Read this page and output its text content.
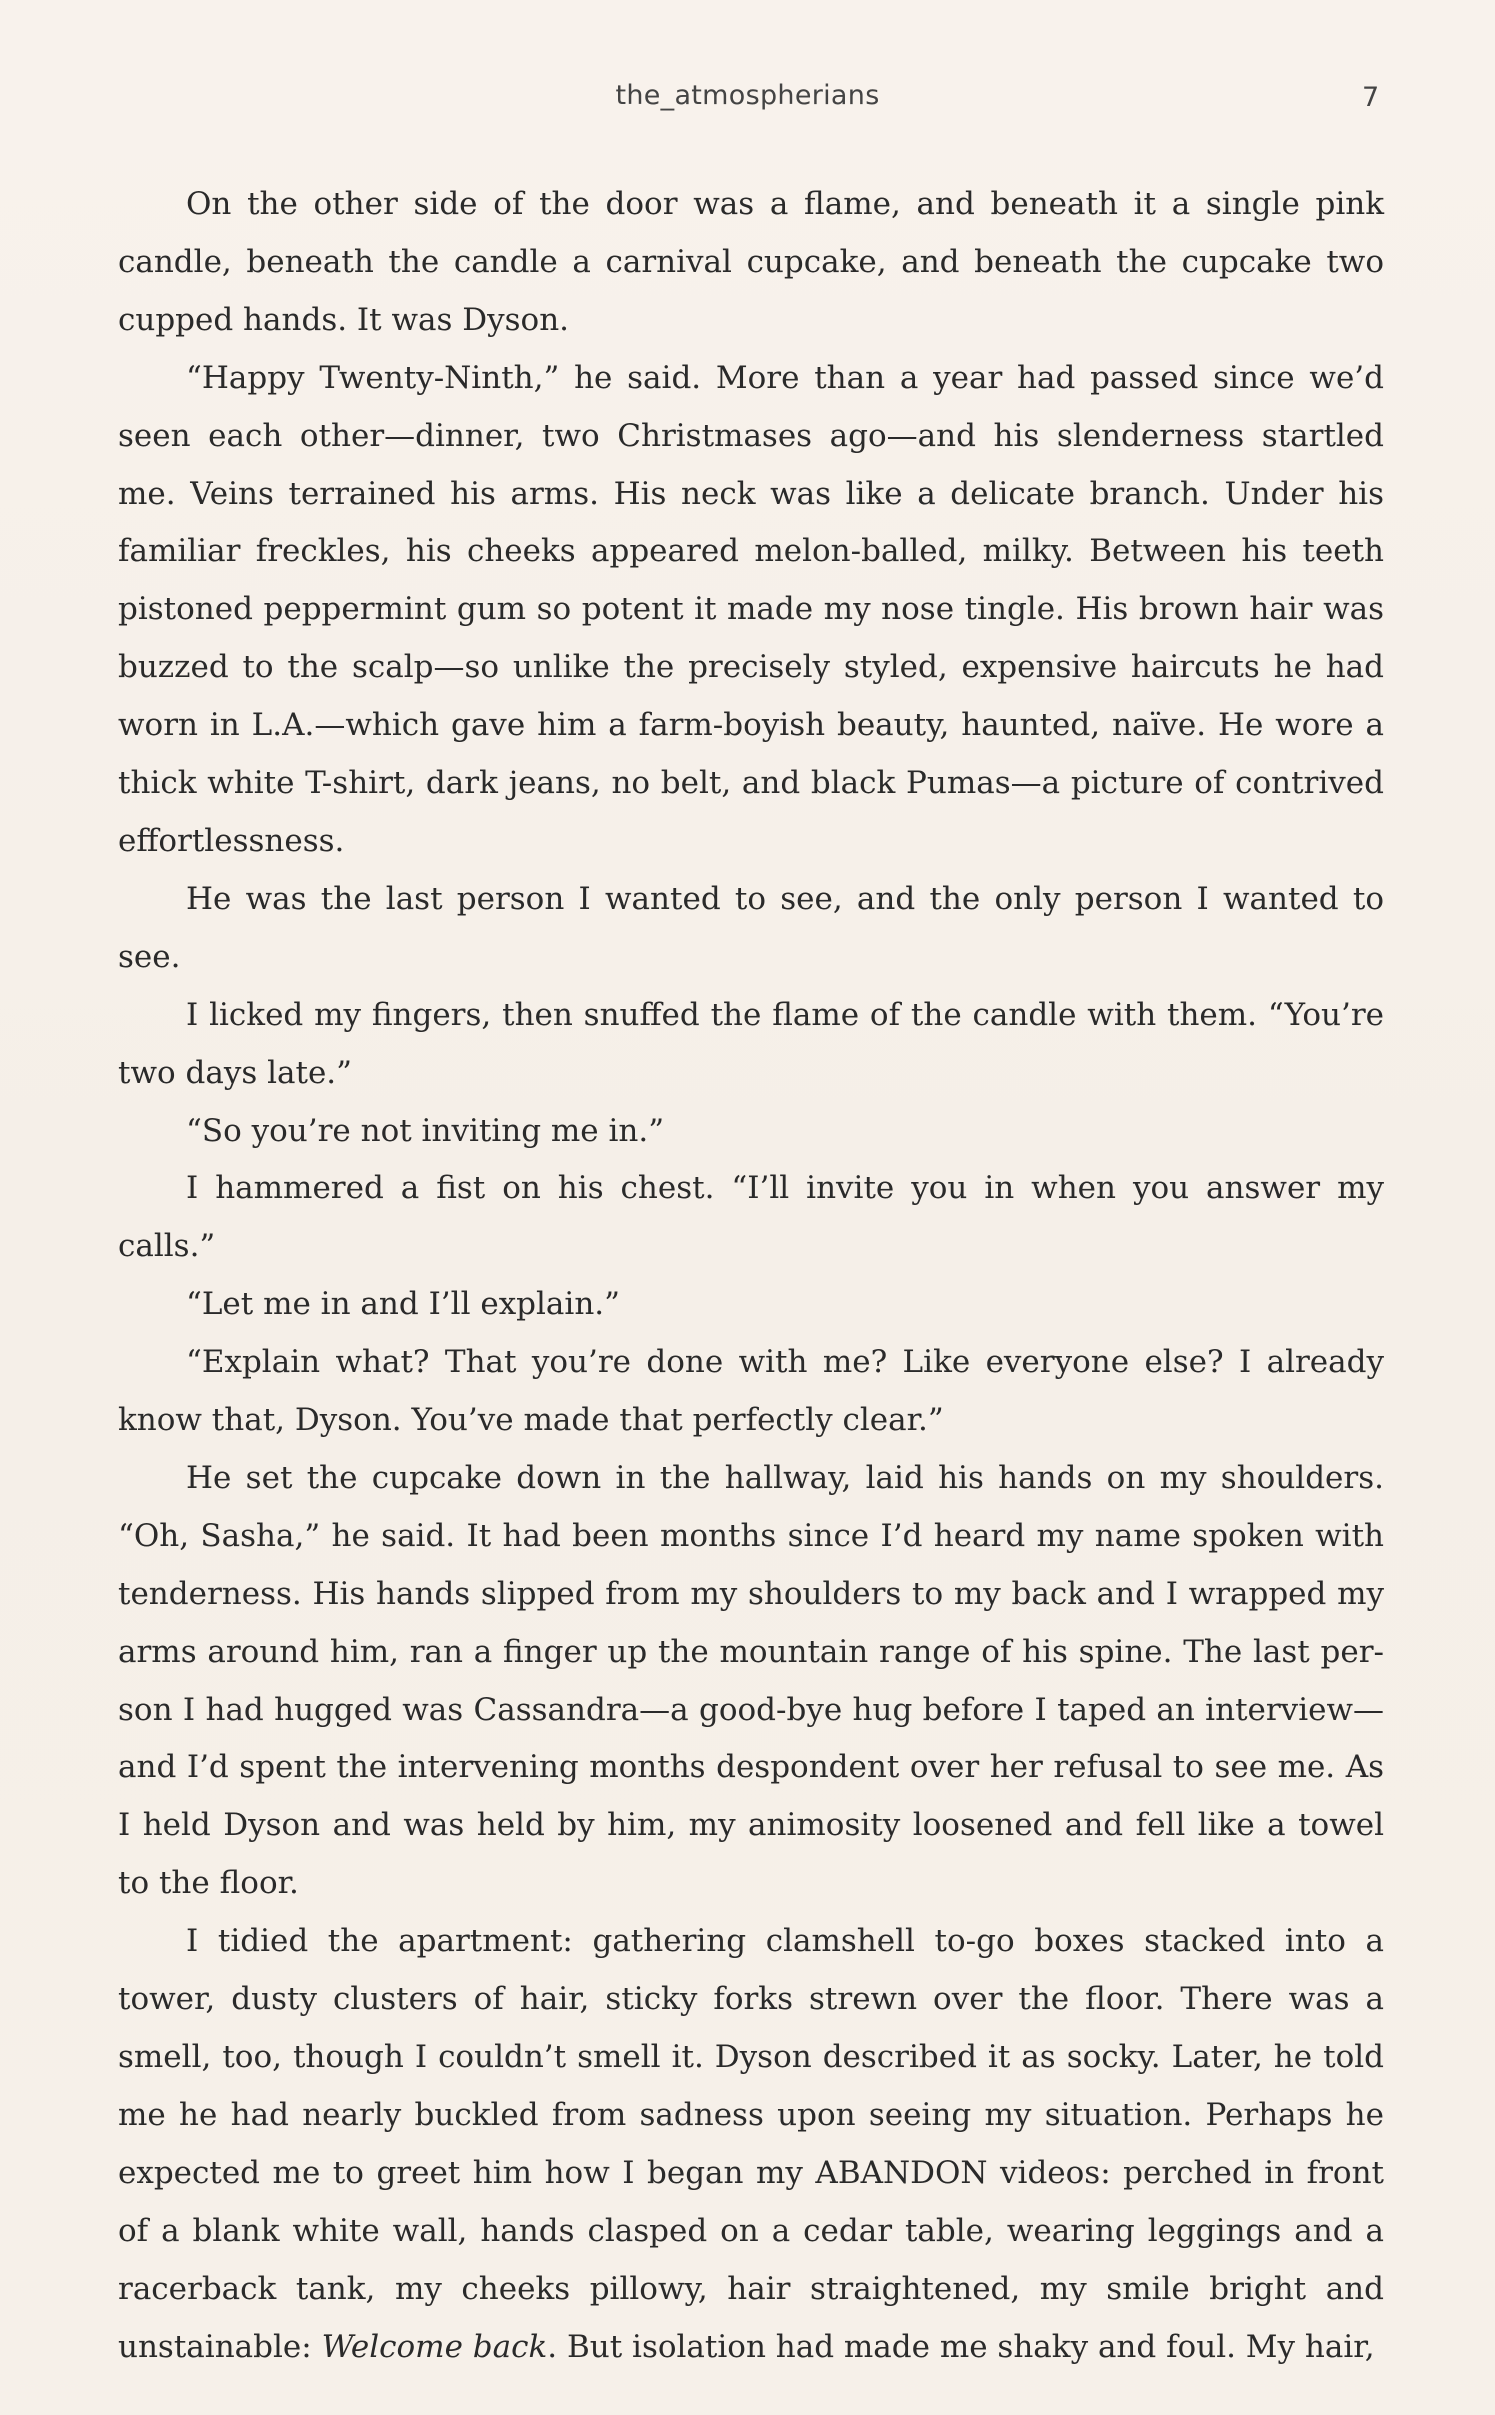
the_atmospherians	7

On the other side of the door was a flame, and beneath it a single pink candle, beneath the candle a carnival cupcake, and beneath the cupcake two cupped hands. It was Dyson.

“Happy Twenty-Ninth,” he said. More than a year had passed since we’d seen each other—dinner, two Christmases ago—and his slenderness startled me. Veins terrained his arms. His neck was like a delicate branch. Under his familiar freckles, his cheeks appeared melon-balled, milky. Between his teeth pistoned peppermint gum so potent it made my nose tingle. His brown hair was buzzed to the scalp—so unlike the precisely styled, expensive haircuts he had worn in L.A.—which gave him a farm-boyish beauty, haunted, naïve. He wore a thick white T-shirt, dark jeans, no belt, and black Pumas—a picture of contrived effortlessness.

He was the last person I wanted to see, and the only person I wanted to see.

I licked my fingers, then snuffed the flame of the candle with them. “You’re two days late.”

“So you’re not inviting me in.”

I hammered a fist on his chest. “I’ll invite you in when you answer my calls.”

“Let me in and I’ll explain.”

“Explain what? That you’re done with me? Like everyone else? I already know that, Dyson. You’ve made that perfectly clear.”

He set the cupcake down in the hallway, laid his hands on my shoulders. “Oh, Sasha,” he said. It had been months since I’d heard my name spoken with tenderness. His hands slipped from my shoulders to my back and I wrapped my arms around him, ran a finger up the mountain range of his spine. The last person I had hugged was Cassandra—a good-bye hug before I taped an interview—and I’d spent the intervening months despondent over her refusal to see me. As I held Dyson and was held by him, my animosity loosened and fell like a towel to the floor.

I tidied the apartment: gathering clamshell to-go boxes stacked into a tower, dusty clusters of hair, sticky forks strewn over the floor. There was a smell, too, though I couldn’t smell it. Dyson described it as socky. Later, he told me he had nearly buckled from sadness upon seeing my situation. Perhaps he expected me to greet him how I began my ABANDON videos: perched in front of a blank white wall, hands clasped on a cedar table, wearing leggings and a racerback tank, my cheeks pillowy, hair straightened, my smile bright and unstainable: Welcome back. But isolation had made me shaky and foul. My hair,
